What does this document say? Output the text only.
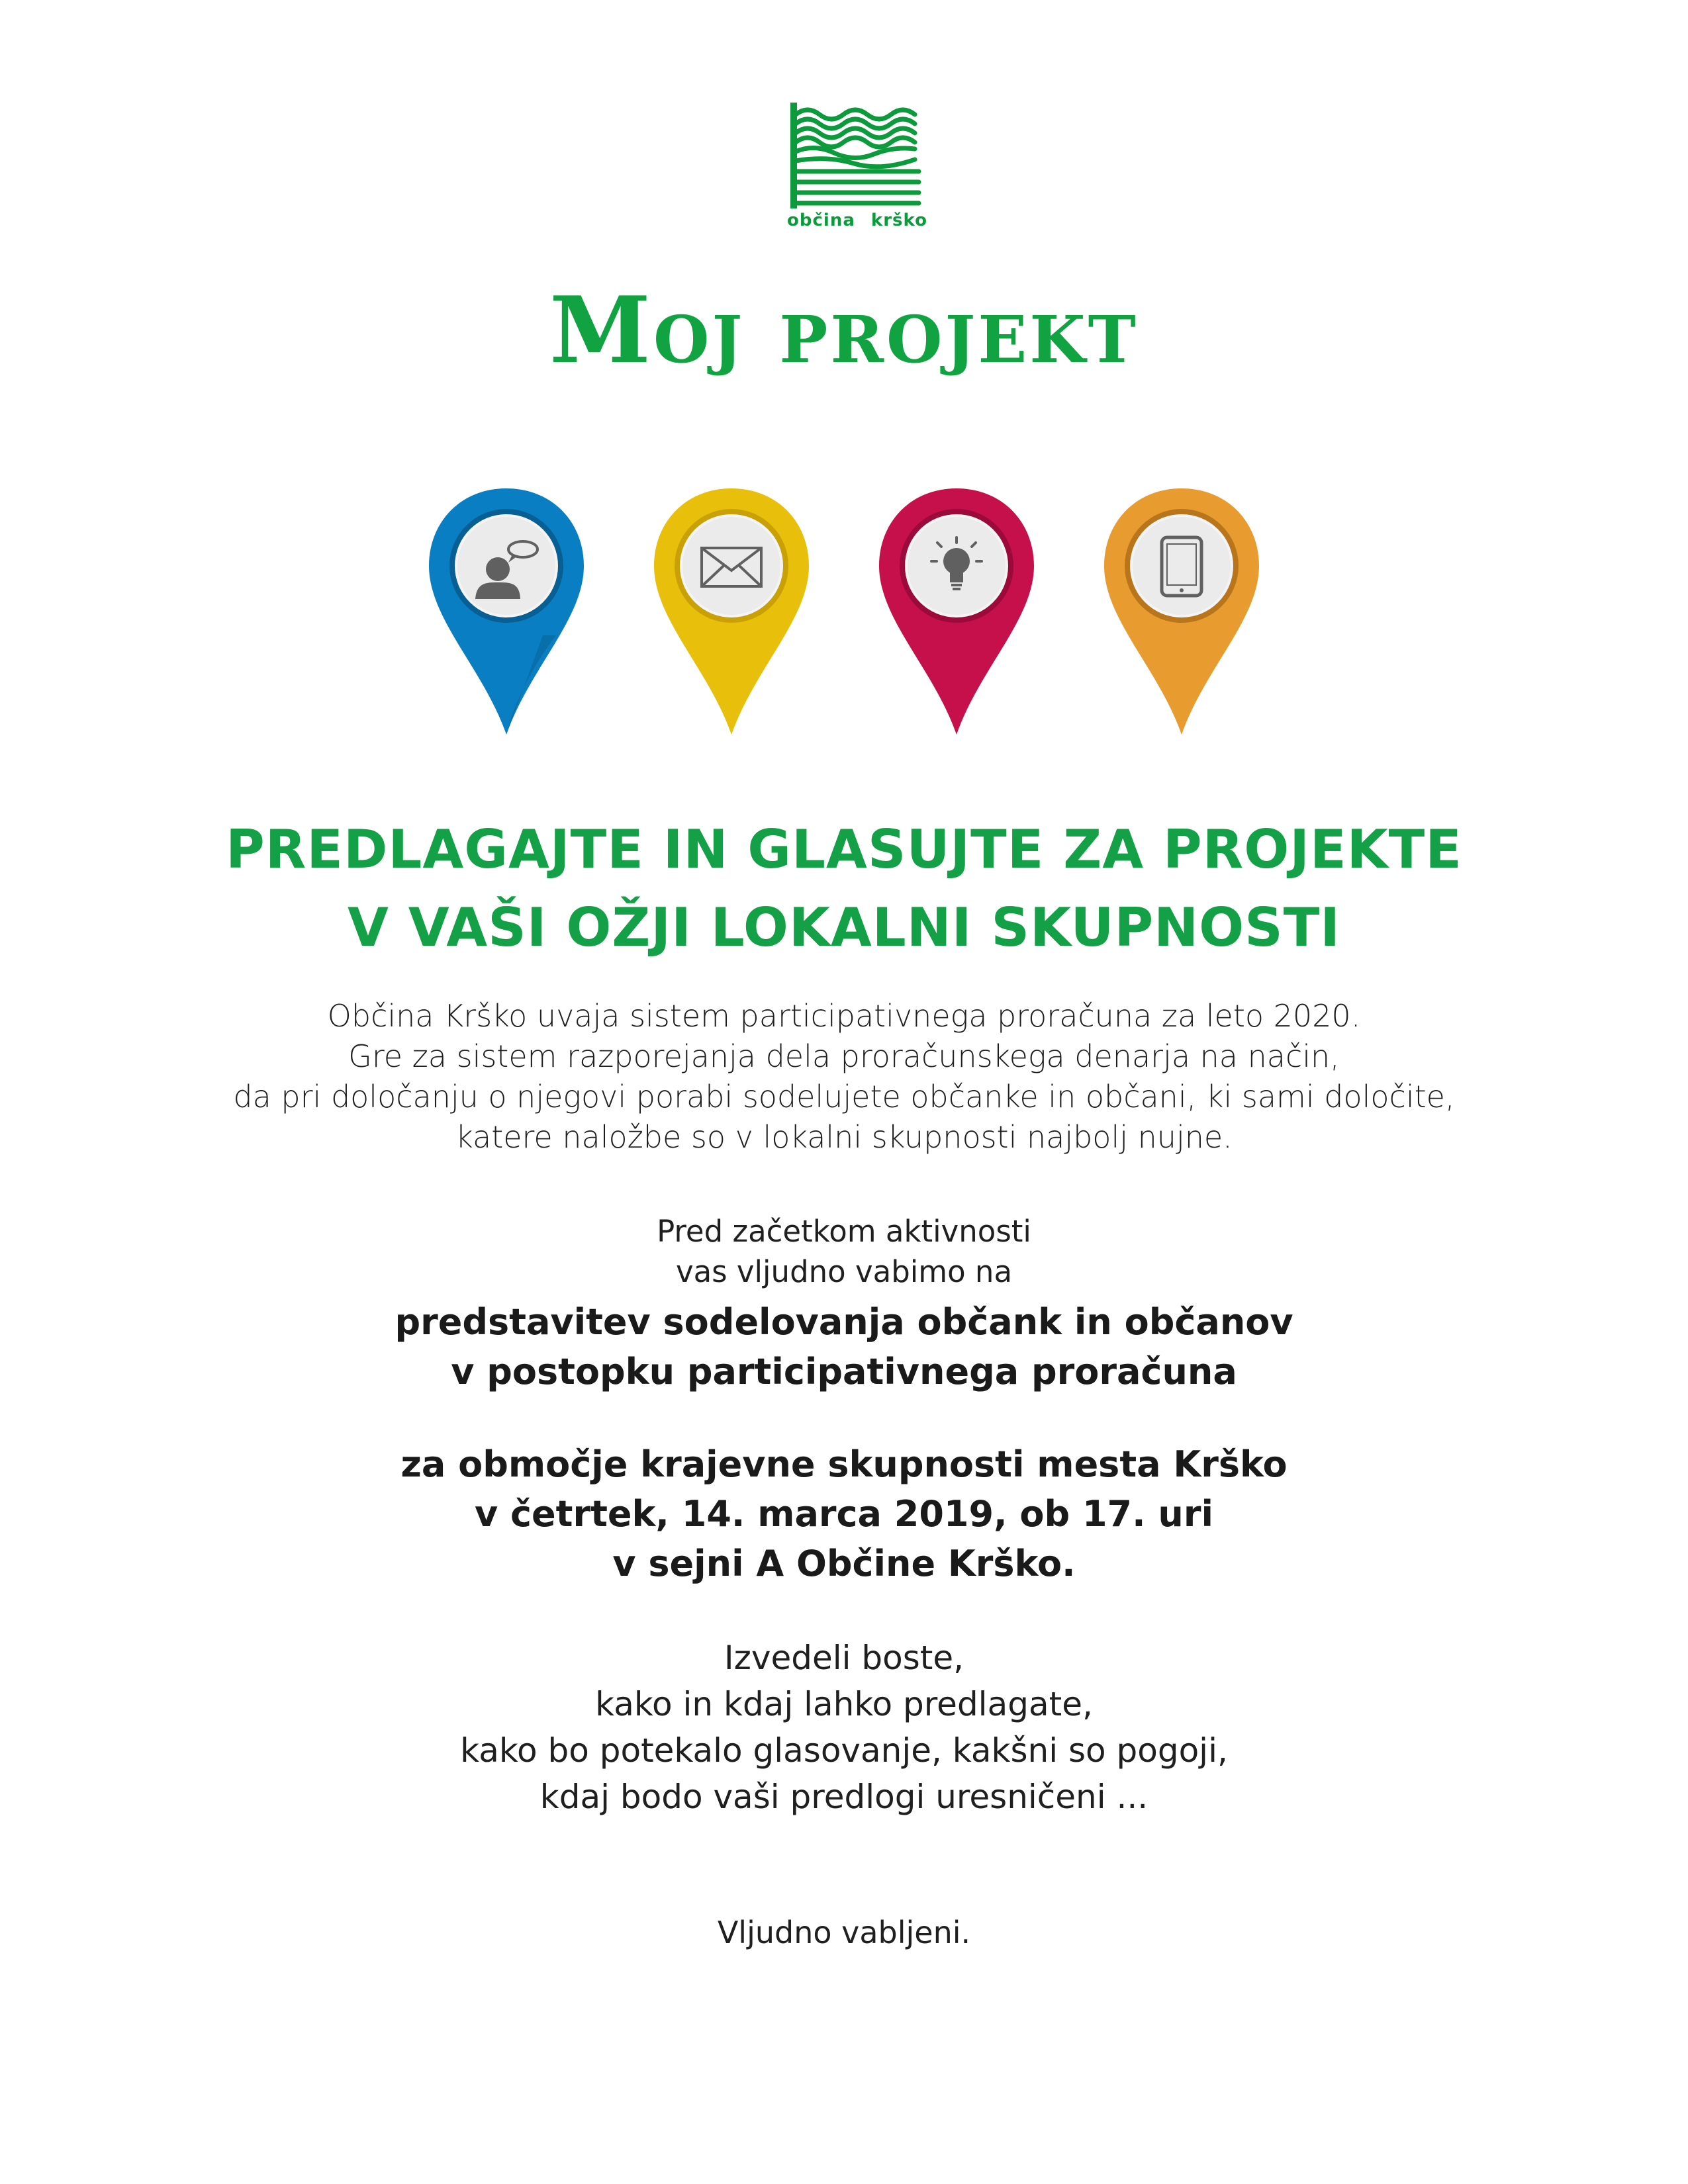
občina krško
Moj projekt
PREDLAGAJTE IN GLASUJTE ZA PROJEKTE
V VAŠI OŽJI LOKALNI SKUPNOSTI
Občina Krško uvaja sistem participativnega proračuna za leto 2020.
Gre za sistem razporejanja dela proračunskega denarja na način,
da pri določanju o njegovi porabi sodelujete občanke in občani, ki sami določite,
katere naložbe so v lokalni skupnosti najbolj nujne.
Pred začetkom aktivnosti
vas vljudno vabimo na
predstavitev sodelovanja občank in občanov
v postopku participativnega proračuna
za območje krajevne skupnosti mesta Krško
v četrtek, 14. marca 2019, ob 17. uri
v sejni A Občine Krško.
Izvedeli boste,
kako in kdaj lahko predlagate,
kako bo potekalo glasovanje, kakšni so pogoji,
kdaj bodo vaši predlogi uresničeni ...
Vljudno vabljeni.
